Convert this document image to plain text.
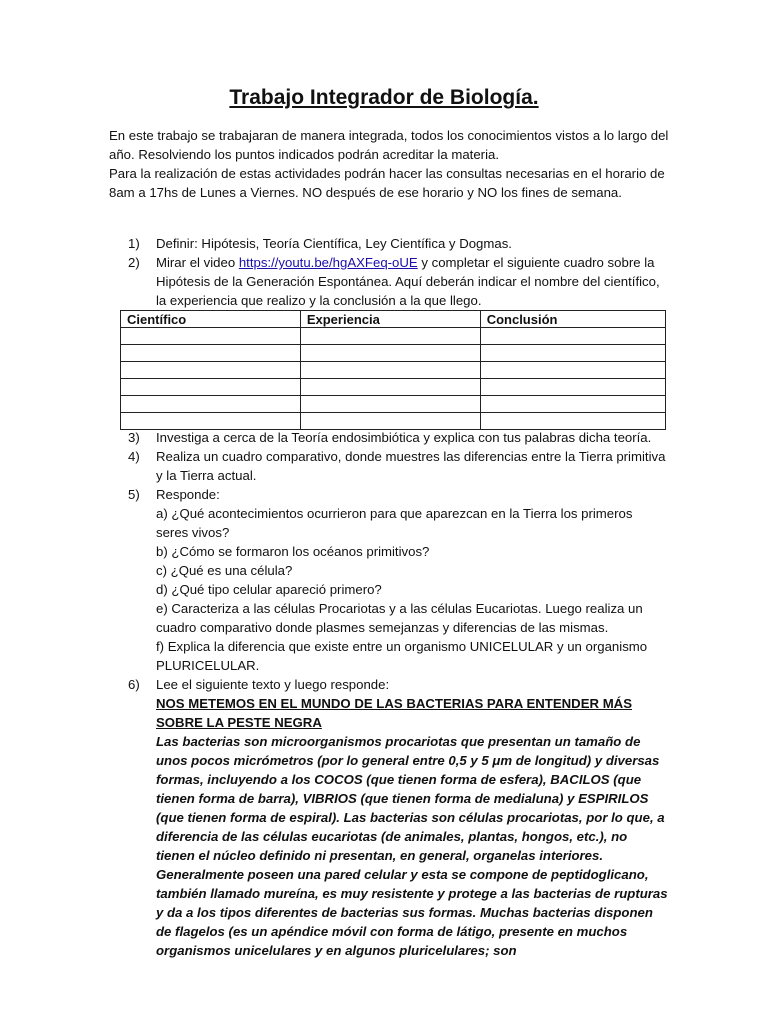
Trabajo Integrador de Biología.

En este trabajo se trabajaran de manera integrada, todos los conocimientos vistos a lo largo del año. Resolviendo los puntos indicados podrán acreditar la materia.

Para la realización de estas actividades podrán hacer las consultas necesarias en el horario de 8am a 17hs de Lunes a Viernes. NO después de ese horario y NO los fines de semana.

1) Definir: Hipótesis, Teoría Científica, Ley Científica y Dogmas.
2) Mirar el video https://youtu.be/hgAXFeq-oUE y completar el siguiente cuadro sobre la Hipótesis de la Generación Espontánea. Aquí deberán indicar el nombre del científico, la experiencia que realizo y la conclusión a la que llego.
Científico	Experiencia	Conclusión

3) Investiga a cerca de la Teoría endosimbiótica y explica con tus palabras dicha teoría.
4) Realiza un cuadro comparativo, donde muestres las diferencias entre la Tierra primitiva y la Tierra actual.
5) Responde:
a) ¿Qué acontecimientos ocurrieron para que aparezcan en la Tierra los primeros seres vivos?
b) ¿Cómo se formaron los océanos primitivos?
c) ¿Qué es una célula?
d) ¿Qué tipo celular apareció primero?
e) Caracteriza a las células Procariotas y a las células Eucariotas. Luego realiza un cuadro comparativo donde plasmes semejanzas y diferencias de las mismas.
f) Explica la diferencia que existe entre un organismo UNICELULAR y un organismo PLURICELULAR.
6) Lee el siguiente texto y luego responde:
NOS METEMOS EN EL MUNDO DE LAS BACTERIAS PARA ENTENDER MÁS SOBRE LA PESTE NEGRA
Las bacterias son microorganismos procariotas que presentan un tamaño de unos pocos micrómetros (por lo general entre 0,5 y 5 μm de longitud) y diversas formas, incluyendo a los COCOS (que tienen forma de esfera), BACILOS (que tienen forma de barra), VIBRIOS (que tienen forma de medialuna) y ESPIRILOS (que tienen forma de espiral). Las bacterias son células procariotas, por lo que, a diferencia de las células eucariotas (de animales, plantas, hongos, etc.), no tienen el núcleo definido ni presentan, en general, organelas interiores. Generalmente poseen una pared celular y esta se compone de peptidoglicano, también llamado mureína, es muy resistente y protege a las bacterias de rupturas y da a los tipos diferentes de bacterias sus formas. Muchas bacterias disponen de flagelos (es un apéndice móvil con forma de látigo, presente en muchos organismos unicelulares y en algunos pluricelulares; son
